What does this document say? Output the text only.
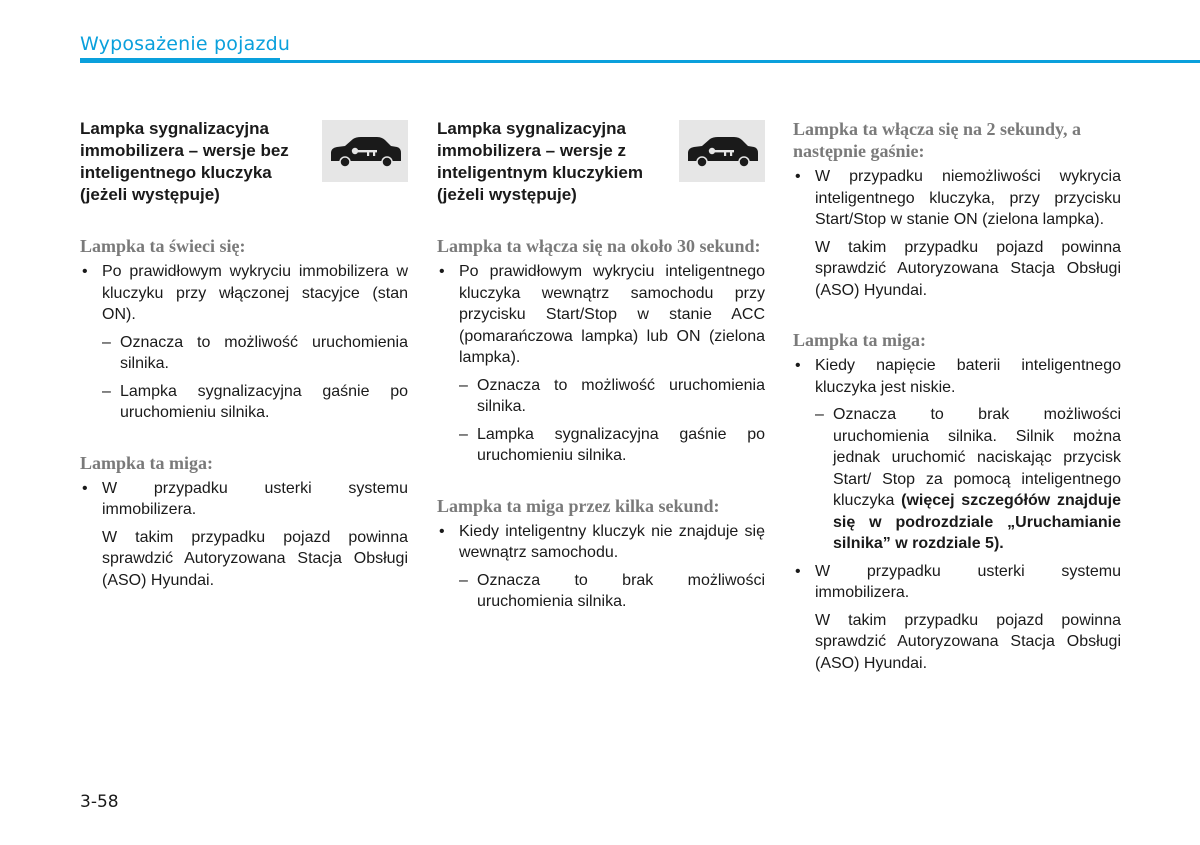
Wyposażenie pojazdu

Lampka sygnalizacyjna immobilizera – wersje bez inteligentnego kluczyka (jeżeli występuje)

Lampka ta świeci się:

• Po prawidłowym wykryciu immobilizera w kluczyku przy włączonej stacyjce (stan ON).
– Oznacza to możliwość uruchomienia silnika.
– Lampka sygnalizacyjna gaśnie po uruchomieniu silnika.

Lampka ta miga:

• W przypadku usterki systemu immobilizera.

W takim przypadku pojazd powinna sprawdzić Autoryzowana Stacja Obsługi (ASO) Hyundai.

Lampka sygnalizacyjna immobilizera – wersje z inteligentnym kluczykiem (jeżeli występuje)

Lampka ta włącza się na około 30 sekund:

• Po prawidłowym wykryciu inteligentnego kluczyka wewnątrz samochodu przy przycisku Start/Stop w stanie ACC (pomarańczowa lampka) lub ON (zielona lampka).
– Oznacza to możliwość uruchomienia silnika.
– Lampka sygnalizacyjna gaśnie po uruchomieniu silnika.

Lampka ta miga przez kilka sekund:

• Kiedy inteligentny kluczyk nie znajduje się wewnątrz samochodu.
– Oznacza to brak możliwości uruchomienia silnika.

Lampka ta włącza się na 2 sekundy, a następnie gaśnie:

• W przypadku niemożliwości wykrycia inteligentnego kluczyka, przy przycisku Start/Stop w stanie ON (zielona lampka).

W takim przypadku pojazd powinna sprawdzić Autoryzowana Stacja Obsługi (ASO) Hyundai.

Lampka ta miga:

• Kiedy napięcie baterii inteligentnego kluczyka jest niskie.
– Oznacza to brak możliwości uruchomienia silnika. Silnik można jednak uruchomić naciskając przycisk Start/ Stop za pomocą inteligentnego kluczyka (więcej szczegółów znajduje się w podrozdziale „Uruchamianie silnika” w rozdziale 5).
• W przypadku usterki systemu immobilizera.

W takim przypadku pojazd powinna sprawdzić Autoryzowana Stacja Obsługi (ASO) Hyundai.

3-58
